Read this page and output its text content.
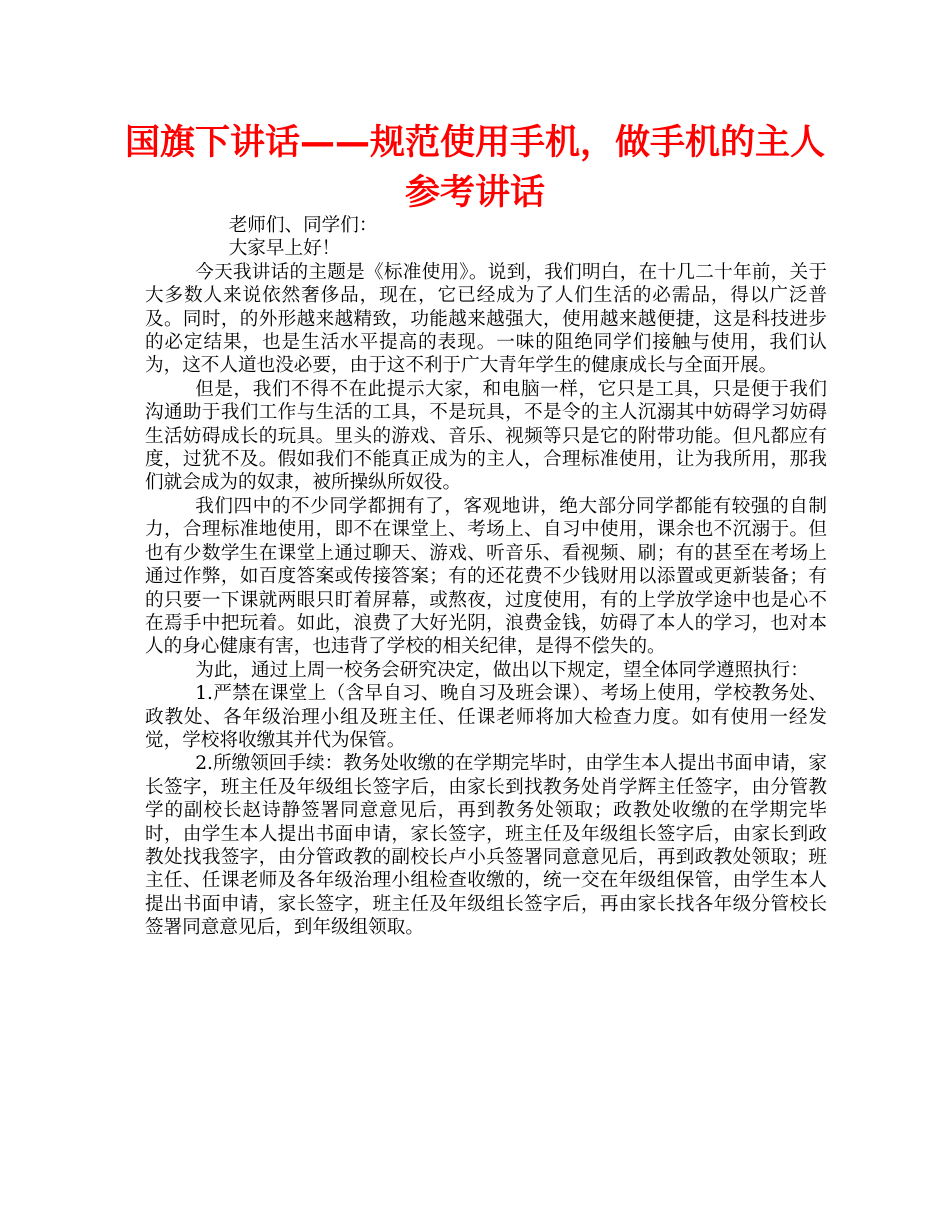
国旗下讲话——规范使用手机，做手机的主人参考讲话

老师们、同学们：

大家早上好！

今天我讲话的主题是《标准使用》。说到，我们明白，在十几二十年前，关于大多数人来说依然奢侈品，现在，它已经成为了人们生活的必需品，得以广泛普及。同时，的外形越来越精致，功能越来越强大，使用越来越便捷，这是科技进步的必定结果，也是生活水平提高的表现。一味的阻绝同学们接触与使用，我们认为，这不人道也没必要，由于这不利于广大青年学生的健康成长与全面开展。

但是，我们不得不在此提示大家，和电脑一样，它只是工具，只是便于我们沟通助于我们工作与生活的工具，不是玩具，不是令的主人沉溺其中妨碍学习妨碍生活妨碍成长的玩具。里头的游戏、音乐、视频等只是它的附带功能。但凡都应有度，过犹不及。假如我们不能真正成为的主人，合理标准使用，让为我所用，那我们就会成为的奴隶，被所操纵所奴役。

我们四中的不少同学都拥有了，客观地讲，绝大部分同学都能有较强的自制力，合理标准地使用，即不在课堂上、考场上、自习中使用，课余也不沉溺于。但也有少数学生在课堂上通过聊天、游戏、听音乐、看视频、刷；有的甚至在考场上通过作弊，如百度答案或传接答案；有的还花费不少钱财用以添置或更新装备；有的只要一下课就两眼只盯着屏幕，或熬夜，过度使用，有的上学放学途中也是心不在焉手中把玩着。如此，浪费了大好光阴，浪费金钱，妨碍了本人的学习，也对本人的身心健康有害，也违背了学校的相关纪律，是得不偿失的。

为此，通过上周一校务会研究决定，做出以下规定，望全体同学遵照执行：

1.严禁在课堂上（含早自习、晚自习及班会课）、考场上使用，学校教务处、政教处、各年级治理小组及班主任、任课老师将加大检查力度。如有使用一经发觉，学校将收缴其并代为保管。

2.所缴领回手续：教务处收缴的在学期完毕时，由学生本人提出书面申请，家长签字，班主任及年级组长签字后，由家长到找教务处肖学辉主任签字，由分管教学的副校长赵诗静签署同意意见后，再到教务处领取；政教处收缴的在学期完毕时，由学生本人提出书面申请，家长签字，班主任及年级组长签字后，由家长到政教处找我签字，由分管政教的副校长卢小兵签署同意意见后，再到政教处领取；班主任、任课老师及各年级治理小组检查收缴的，统一交在年级组保管，由学生本人提出书面申请，家长签字，班主任及年级组长签字后，再由家长找各年级分管校长签署同意意见后，到年级组领取。
